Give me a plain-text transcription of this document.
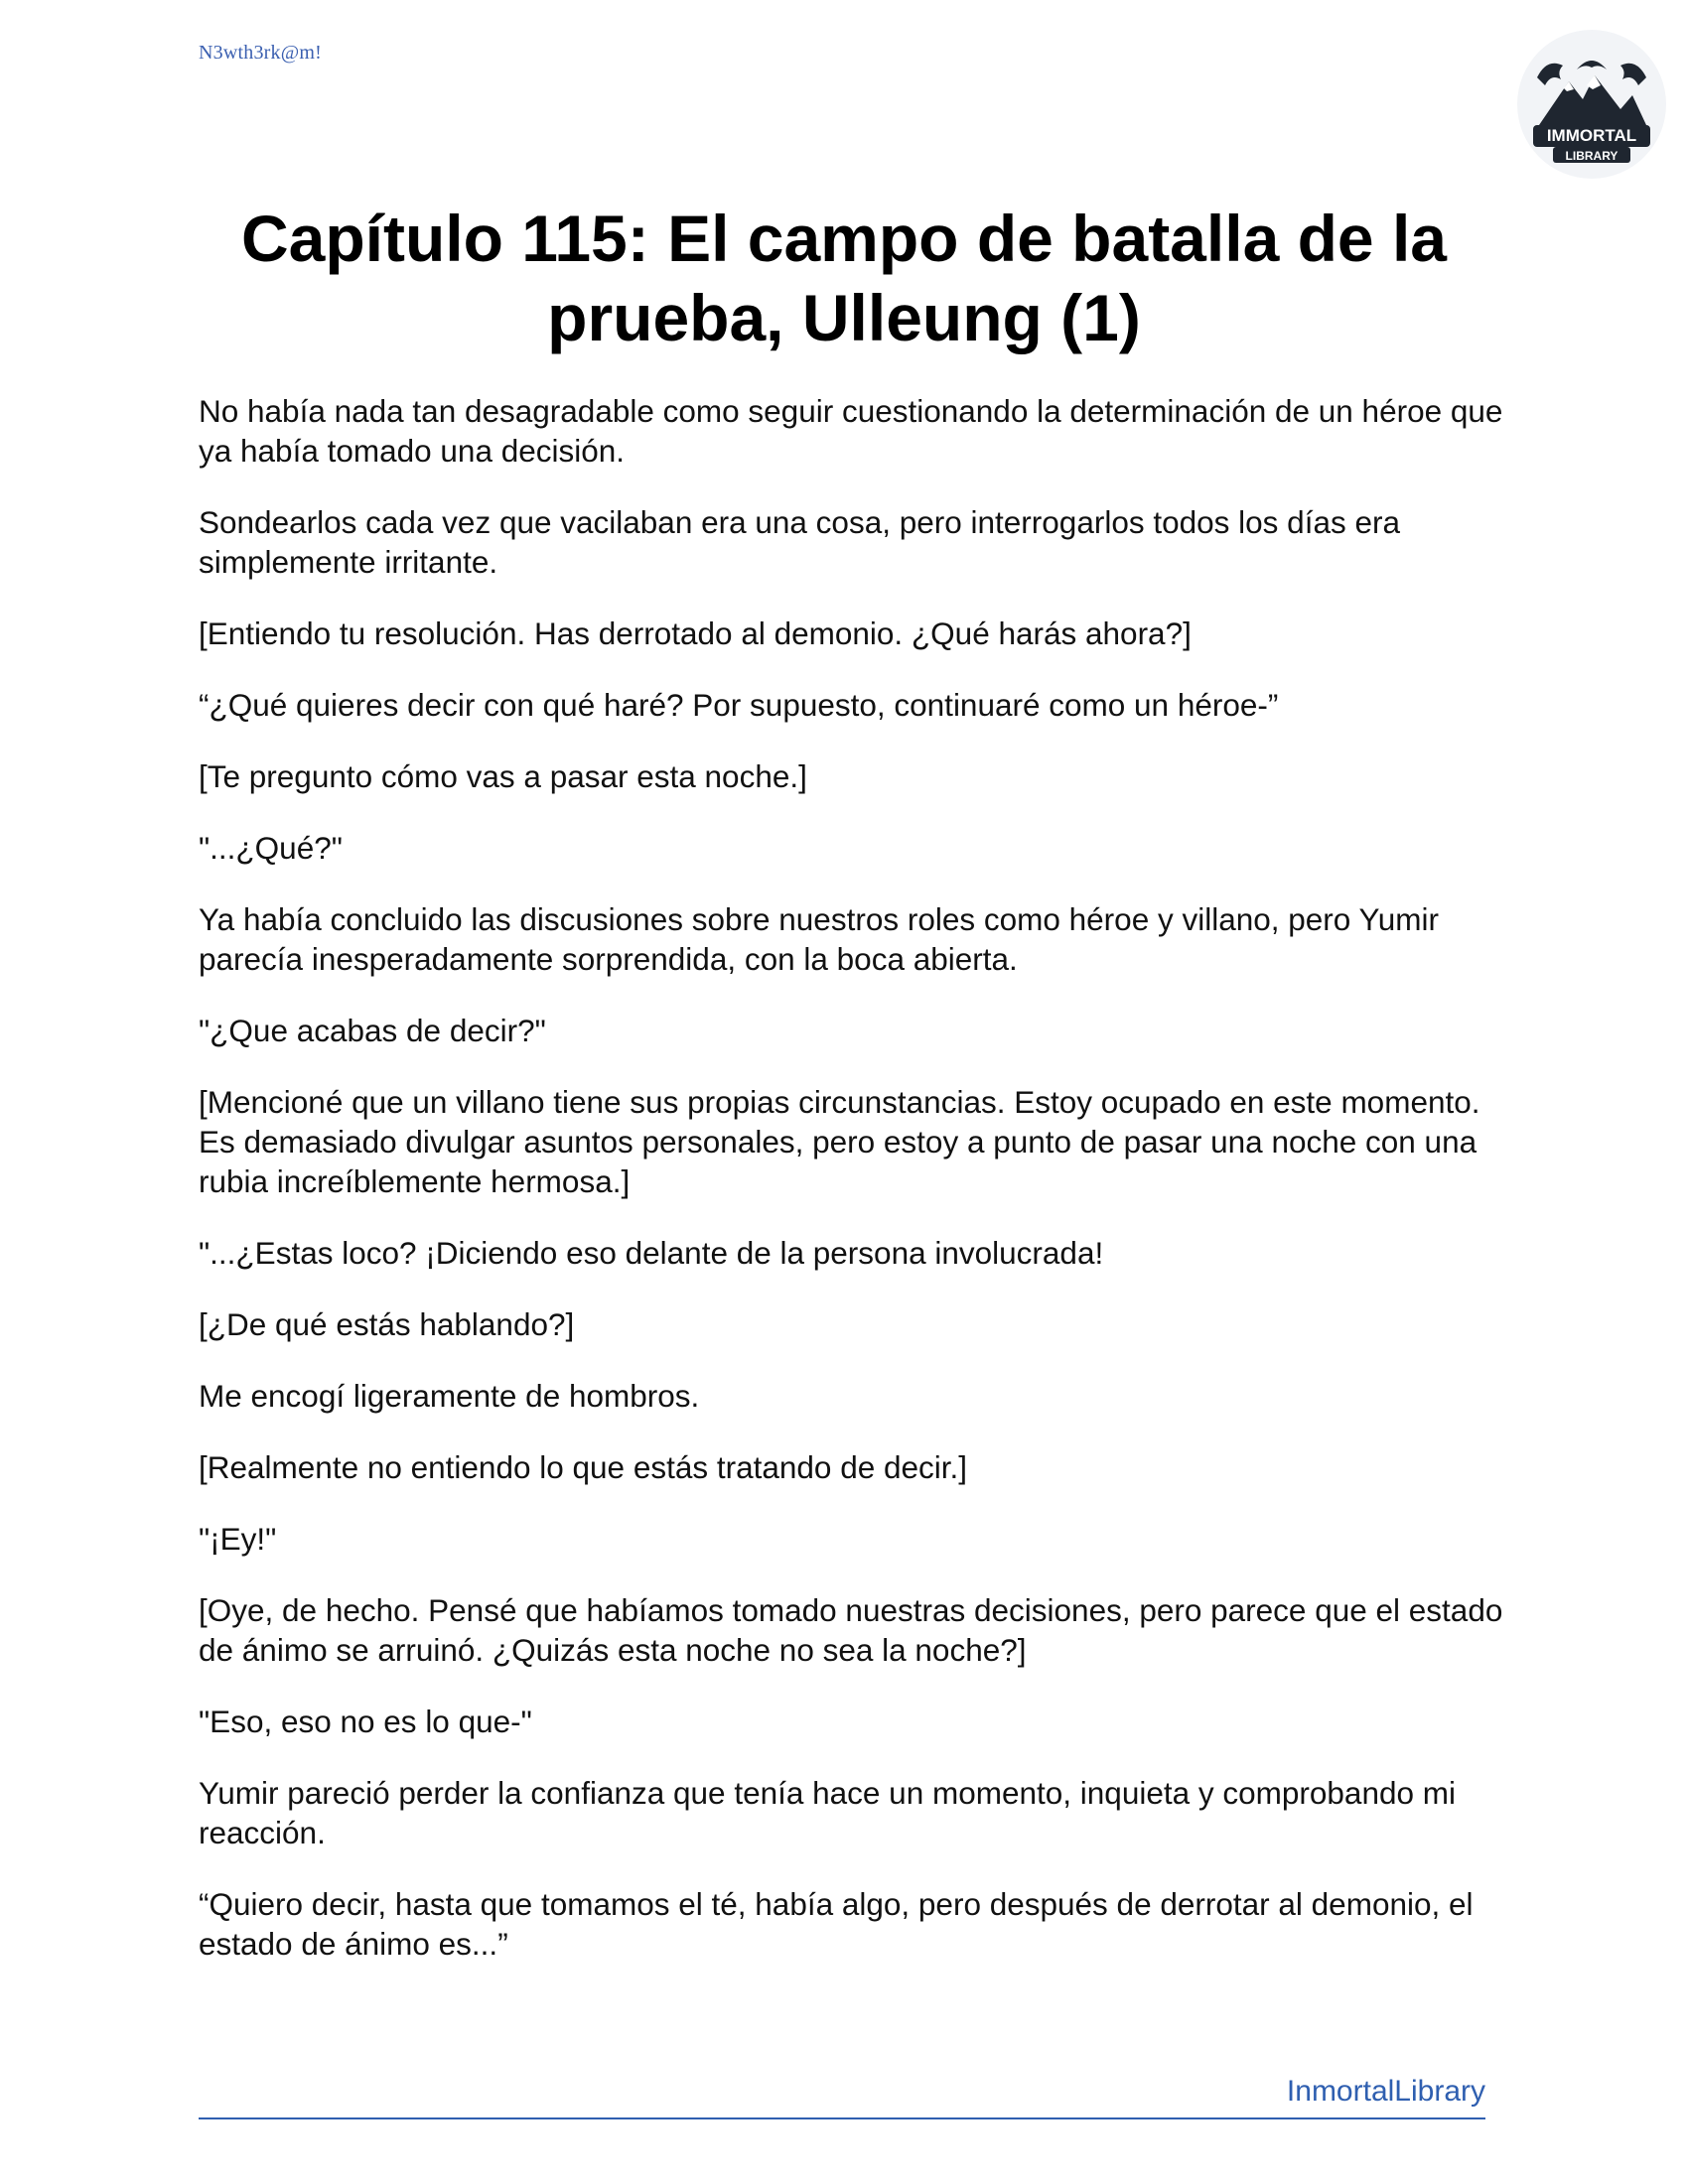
N3wth3rk@m!
IMMORTAL
LIBRARY
Capítulo 115: El campo de batalla de la prueba, Ulleung (1)

No había nada tan desagradable como seguir cuestionando la determinación de un héroe que ya había tomado una decisión.

Sondearlos cada vez que vacilaban era una cosa, pero interrogarlos todos los días era simplemente irritante.

[Entiendo tu resolución. Has derrotado al demonio. ¿Qué harás ahora?]

“¿Qué quieres decir con qué haré? Por supuesto, continuaré como un héroe-”

[Te pregunto cómo vas a pasar esta noche.]

"...¿Qué?"

Ya había concluido las discusiones sobre nuestros roles como héroe y villano, pero Yumir parecía inesperadamente sorprendida, con la boca abierta.

"¿Que acabas de decir?"

[Mencioné que un villano tiene sus propias circunstancias. Estoy ocupado en este momento. Es demasiado divulgar asuntos personales, pero estoy a punto de pasar una noche con una rubia increíblemente hermosa.]

"...¿Estas loco? ¡Diciendo eso delante de la persona involucrada!

[¿De qué estás hablando?]

Me encogí ligeramente de hombros.

[Realmente no entiendo lo que estás tratando de decir.]

"¡Ey!"

[Oye, de hecho. Pensé que habíamos tomado nuestras decisiones, pero parece que el estado de ánimo se arruinó. ¿Quizás esta noche no sea la noche?]

"Eso, eso no es lo que-"

Yumir pareció perder la confianza que tenía hace un momento, inquieta y comprobando mi reacción.

“Quiero decir, hasta que tomamos el té, había algo, pero después de derrotar al demonio, el estado de ánimo es...”

InmortalLibrary
